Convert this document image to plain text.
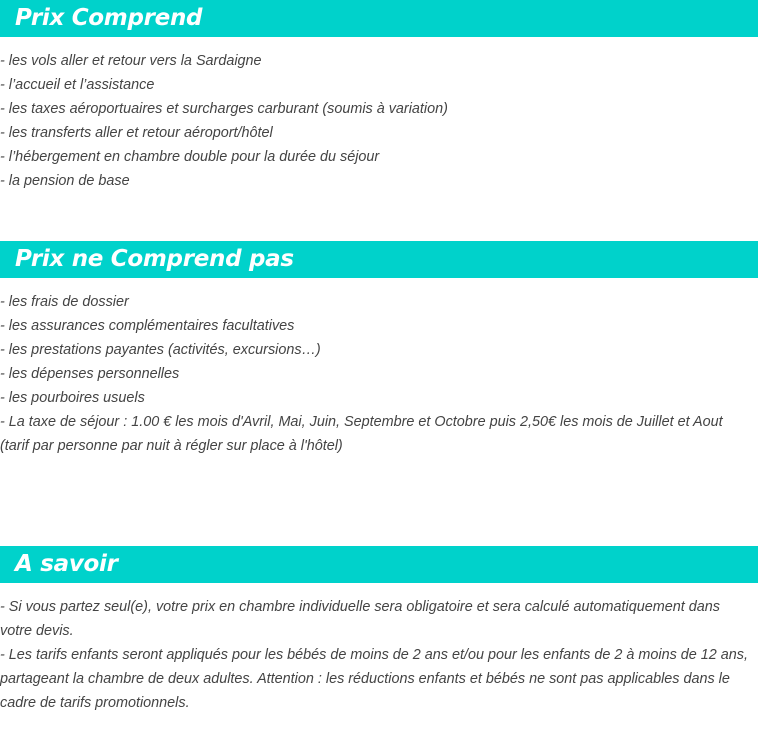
Prix Comprend
- les vols aller et retour vers la Sardaigne
- l’accueil et l’assistance
- les taxes aéroportuaires et surcharges carburant (soumis à variation)
- les transferts aller et retour aéroport/hôtel
- l’hébergement en chambre double pour la durée du séjour
- la pension de base
Prix ne Comprend pas
- les frais de dossier
- les assurances complémentaires facultatives
- les prestations payantes (activités, excursions…)
- les dépenses personnelles
- les pourboires usuels
- La taxe de séjour : 1.00 € les mois d'Avril, Mai, Juin, Septembre et Octobre puis 2,50€ les mois de Juillet et Aout (tarif par personne par nuit à régler sur place à l'hôtel)
A savoir
- Si vous partez seul(e), votre prix en chambre individuelle sera obligatoire et sera calculé automatiquement dans votre devis.
- Les tarifs enfants seront appliqués pour les bébés de moins de 2 ans et/ou pour les enfants de 2 à moins de 12 ans, partageant la chambre de deux adultes. Attention : les réductions enfants et bébés ne sont pas applicables dans le cadre de tarifs promotionnels.
